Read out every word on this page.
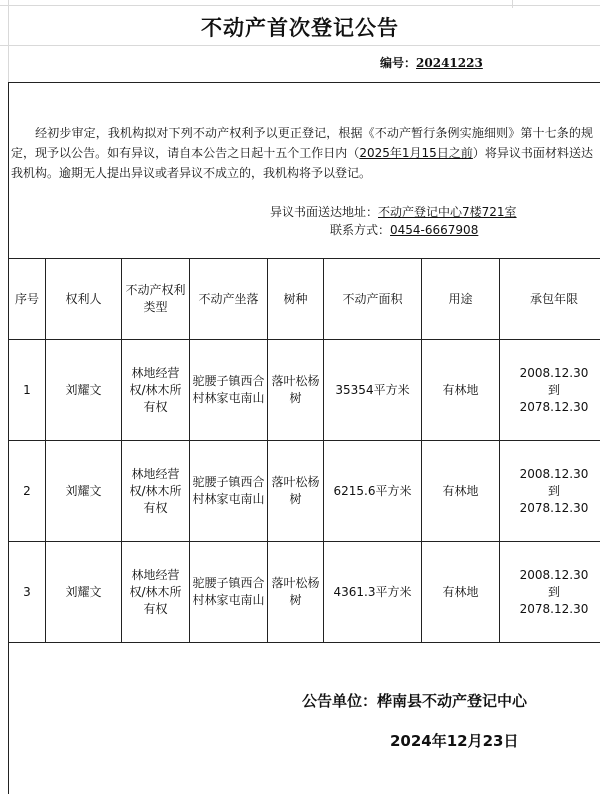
不动产首次登记公告
编号：20241223
经初步审定，我机构拟对下列不动产权利予以更正登记，根据《不动产暂行条例实施细则》第十七条的规定，现予以公告。如有异议，请自本公告之日起十五个工作日内（2025年1月15日之前）将异议书面材料送达我机构。逾期无人提出异议或者异议不成立的，我机构将予以登记。
异议书面送达地址：不动产登记中心7楼721室
联系方式：0454-6667908
序号	权利人	不动产权利类型	不动产坐落	树种	不动产面积	用途	承包年限
1	刘耀文	林地经营权/林木所有权	驼腰子镇西合村林家屯南山	落叶松杨树	35354平方米	有林地	2008.12.30
到
2078.12.30

2	刘耀文	林地经营权/林木所有权	驼腰子镇西合村林家屯南山	落叶松杨树	6215.6平方米	有林地	2008.12.30
到
2078.12.30

3	刘耀文	林地经营权/林木所有权	驼腰子镇西合村林家屯南山	落叶松杨树	4361.3平方米	有林地	2008.12.30
到
2078.12.30
公告单位：桦南县不动产登记中心
2024年12月23日
